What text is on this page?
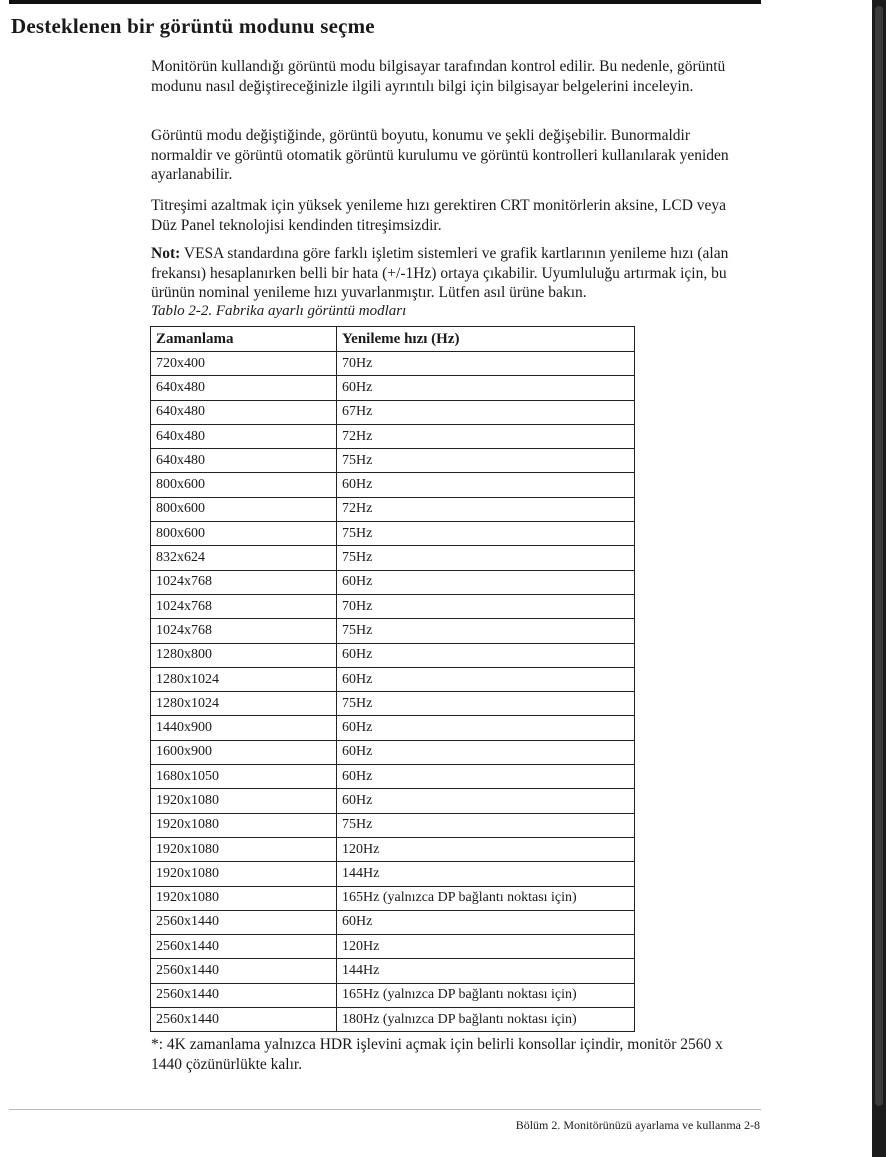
Desteklenen bir görüntü modunu seçme

Monitörün kullandığı görüntü modu bilgisayar tarafından kontrol edilir. Bu nedenle, görüntü modunu nasıl değiştireceğinizle ilgili ayrıntılı bilgi için bilgisayar belgelerini inceleyin.

Görüntü modu değiştiğinde, görüntü boyutu, konumu ve şekli değişebilir. Bunormaldir normaldir ve görüntü otomatik görüntü kurulumu ve görüntü kontrolleri kullanılarak yeniden ayarlanabilir.

Titreşimi azaltmak için yüksek yenileme hızı gerektiren CRT monitörlerin aksine, LCD veya Düz Panel teknolojisi kendinden titreşimsizdir.

Not: VESA standardına göre farklı işletim sistemleri ve grafik kartlarının yenileme hızı (alan frekansı) hesaplanırken belli bir hata (+/-1Hz) ortaya çıkabilir. Uyumluluğu artırmak için, bu ürünün nominal yenileme hızı yuvarlanmıştır. Lütfen asıl ürüne bakın.

Tablo 2-2. Fabrika ayarlı görüntü modları

Zamanlama	Yenileme hızı (Hz)
720x400	70Hz
640x480	60Hz
640x480	67Hz
640x480	72Hz
640x480	75Hz
800x600	60Hz
800x600	72Hz
800x600	75Hz
832x624	75Hz
1024x768	60Hz
1024x768	70Hz
1024x768	75Hz
1280x800	60Hz
1280x1024	60Hz
1280x1024	75Hz
1440x900	60Hz
1600x900	60Hz
1680x1050	60Hz
1920x1080	60Hz
1920x1080	75Hz
1920x1080	120Hz
1920x1080	144Hz
1920x1080	165Hz (yalnızca DP bağlantı noktası için)
2560x1440	60Hz
2560x1440	120Hz
2560x1440	144Hz
2560x1440	165Hz (yalnızca DP bağlantı noktası için)
2560x1440	180Hz (yalnızca DP bağlantı noktası için)

*: 4K zamanlama yalnızca HDR işlevini açmak için belirli konsollar içindir, monitör 2560 x 1440 çözünürlükte kalır.

Bölüm 2. Monitörünüzü ayarlama ve kullanma 2-8
